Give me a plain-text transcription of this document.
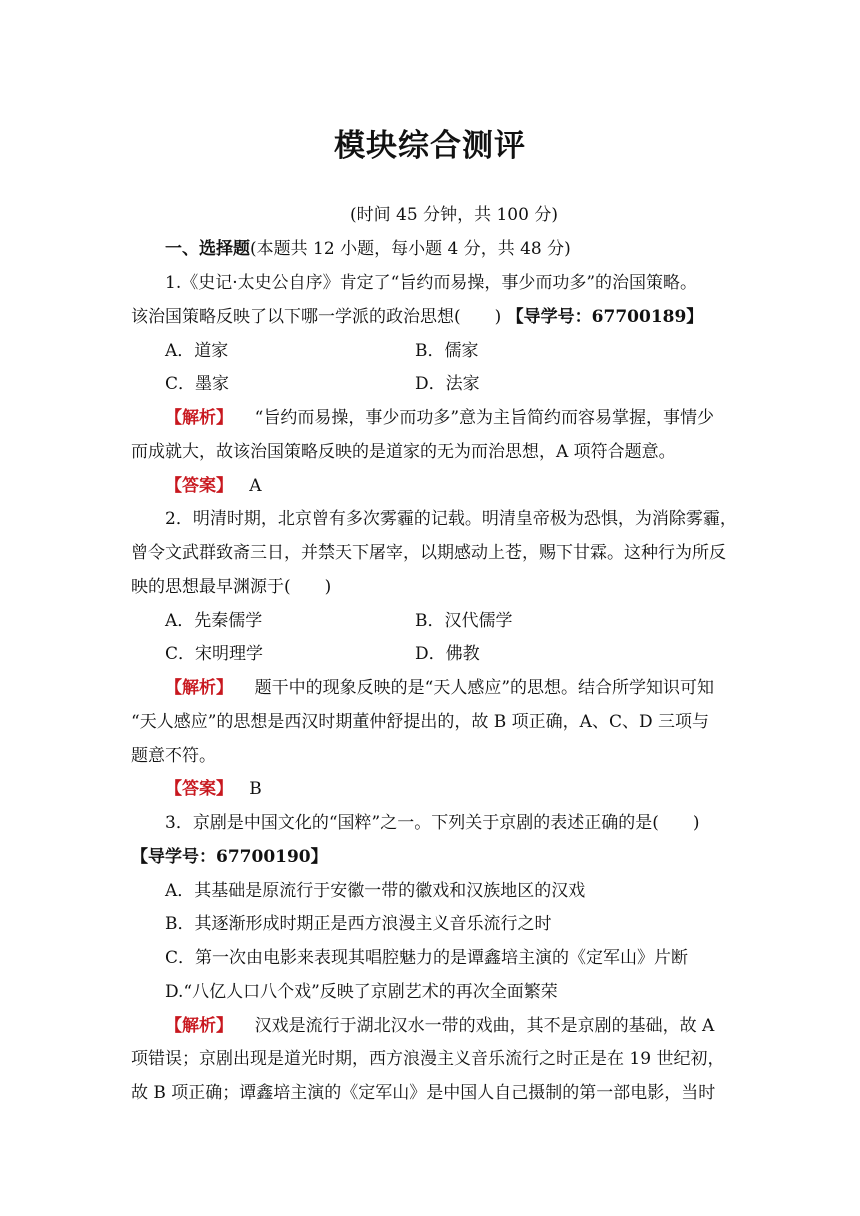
模块综合测评
(时间 45 分钟，共 100 分)
一、选择题(本题共 12 小题，每小题 4 分，共 48 分)
1.《史记·太史公自序》肯定了“旨约而易操，事少而功多”的治国策略。
该治国策略反映了以下哪一学派的政治思想(　　) 【导学号：67700189】
A．道家	B．儒家
C．墨家	D．法家
【解析】 “旨约而易操，事少而功多”意为主旨简约而容易掌握，事情少
而成就大，故该治国策略反映的是道家的无为而治思想，A 项符合题意。
【答案】 A
2．明清时期，北京曾有多次雾霾的记载。明清皇帝极为恐惧，为消除雾霾，
曾令文武群致斋三日，并禁天下屠宰，以期感动上苍，赐下甘霖。这种行为所反
映的思想最早渊源于(　　)
A．先秦儒学	B．汉代儒学
C．宋明理学	D．佛教
【解析】 题干中的现象反映的是“天人感应”的思想。结合所学知识可知
“天人感应”的思想是西汉时期董仲舒提出的，故 B 项正确，A、C、D 三项与
题意不符。
【答案】 B
3．京剧是中国文化的“国粹”之一。下列关于京剧的表述正确的是(　　)
【导学号：67700190】
A．其基础是原流行于安徽一带的徽戏和汉族地区的汉戏
B．其逐渐形成时期正是西方浪漫主义音乐流行之时
C．第一次由电影来表现其唱腔魅力的是谭鑫培主演的《定军山》片断
D.“八亿人口八个戏”反映了京剧艺术的再次全面繁荣
【解析】 汉戏是流行于湖北汉水一带的戏曲，其不是京剧的基础，故 A
项错误；京剧出现是道光时期，西方浪漫主义音乐流行之时正是在 19 世纪初，
故 B 项正确；谭鑫培主演的《定军山》是中国人自己摄制的第一部电影，当时
